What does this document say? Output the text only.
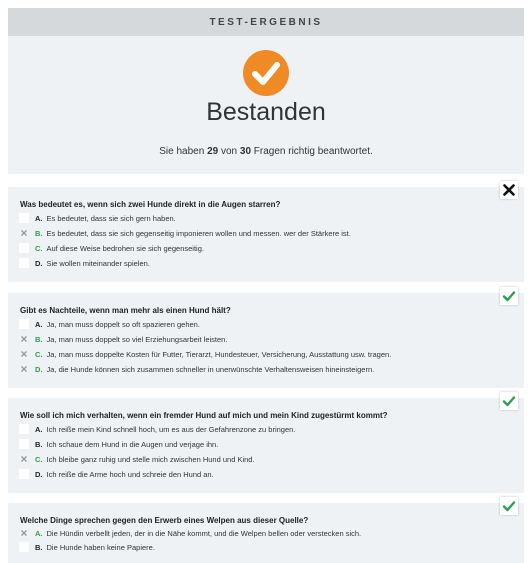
TEST-ERGEBNIS
Bestanden
Sie haben 29 von 30 Fragen richtig beantwortet.
Was bedeutet es, wenn sich zwei Hunde direkt in die Augen starren?
A. Es bedeutet, dass sie sich gern haben.
B. Es bedeutet, dass sie sich gegenseitig imponieren wollen und messen. wer der Stärkere ist.
C. Auf diese Weise bedrohen sie sich gegenseitig.
D. Sie wollen miteinander spielen.
Gibt es Nachteile, wenn man mehr als einen Hund hält?
A. Ja, man muss doppelt so oft spazieren gehen.
B. Ja, man muss doppelt so viel Erziehungsarbeit leisten.
C. Ja, man muss doppelte Kosten für Futter, Tierarzt, Hundesteuer, Versicherung, Ausstattung usw. tragen.
D. Ja, die Hunde können sich zusammen schneller in unerwünschte Verhaltensweisen hineinsteigern.
Wie soll ich mich verhalten, wenn ein fremder Hund auf mich und mein Kind zugestürmt kommt?
A. Ich reiße mein Kind schnell hoch, um es aus der Gefahrenzone zu bringen.
B. Ich schaue dem Hund in die Augen und verjage ihn.
C. Ich bleibe ganz ruhig und stelle mich zwischen Hund und Kind.
D. Ich reiße die Arme hoch und schreie den Hund an.
Welche Dinge sprechen gegen den Erwerb eines Welpen aus dieser Quelle?
A. Die Hündin verbellt jeden, der in die Nähe kommt, und die Welpen bellen oder verstecken sich.
B. Die Hunde haben keine Papiere.
